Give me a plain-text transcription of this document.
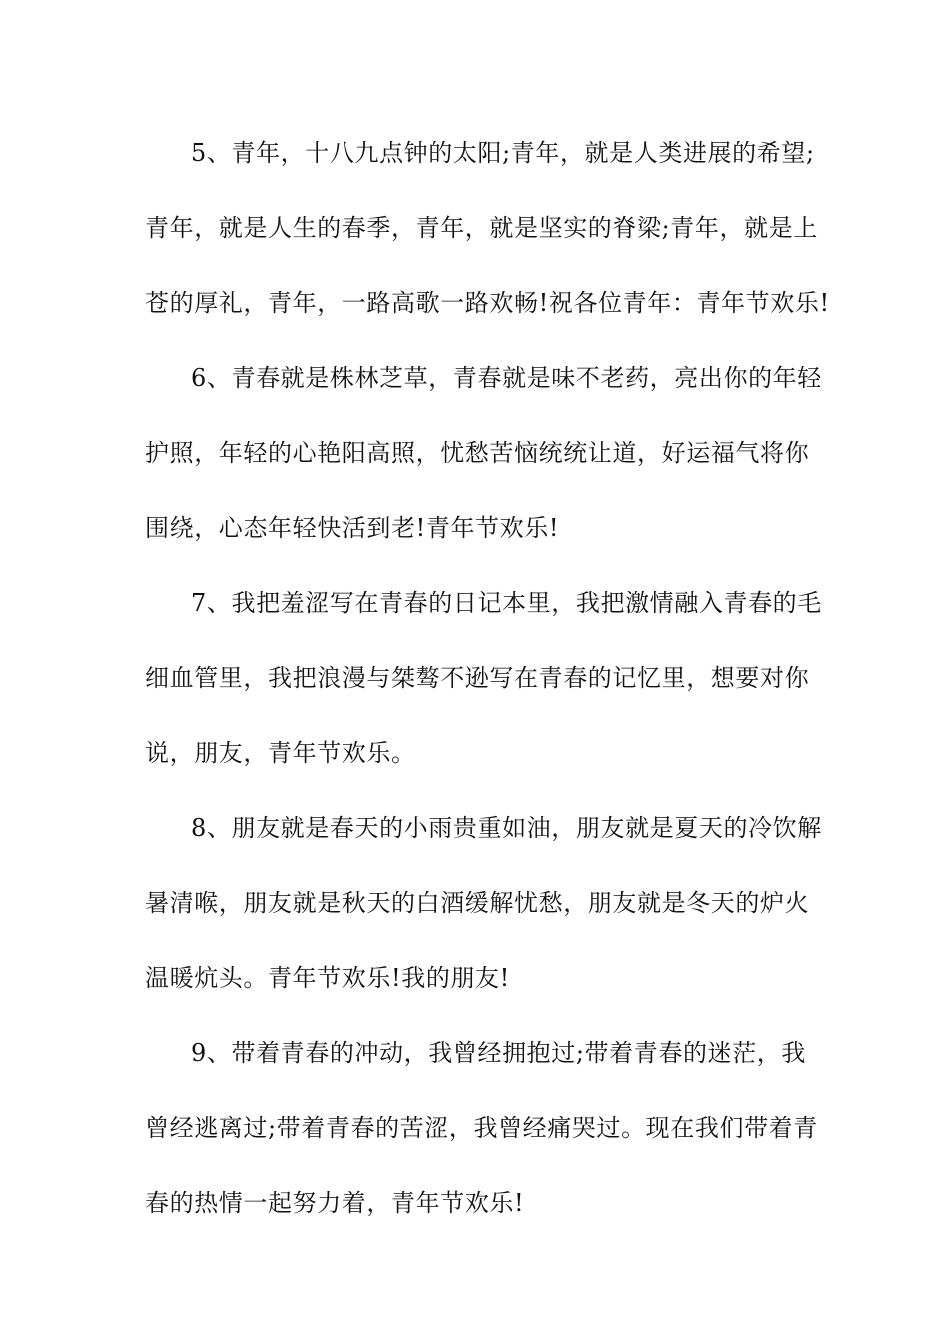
5、青年，十八九点钟的太阳;青年，就是人类进展的希望;
青年，就是人生的春季，青年，就是坚实的脊梁;青年，就是上
苍的厚礼，青年，一路高歌一路欢畅!祝各位青年：青年节欢乐!
6、青春就是株林芝草，青春就是味不老药，亮出你的年轻
护照，年轻的心艳阳高照，忧愁苦恼统统让道，好运福气将你
围绕，心态年轻快活到老!青年节欢乐!
7、我把羞涩写在青春的日记本里，我把激情融入青春的毛
细血管里，我把浪漫与桀骜不逊写在青春的记忆里，想要对你
说，朋友，青年节欢乐。
8、朋友就是春天的小雨贵重如油，朋友就是夏天的冷饮解
暑清喉，朋友就是秋天的白酒缓解忧愁，朋友就是冬天的炉火
温暖炕头。青年节欢乐!我的朋友!
9、带着青春的冲动，我曾经拥抱过;带着青春的迷茫，我
曾经逃离过;带着青春的苦涩，我曾经痛哭过。现在我们带着青
春的热情一起努力着，青年节欢乐!
